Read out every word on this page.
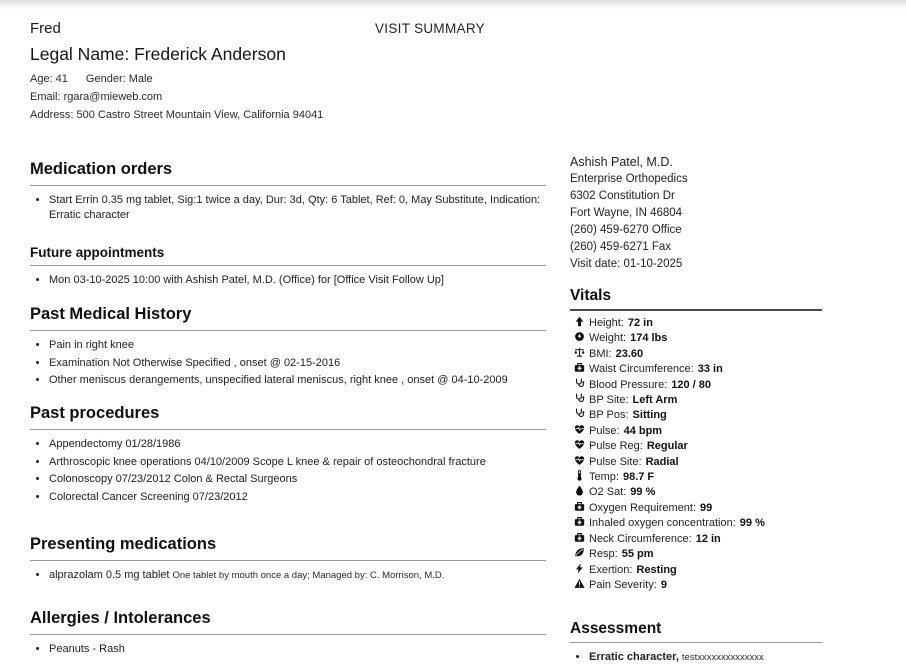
VISIT SUMMARY
Fred
Legal Name: Frederick Anderson
Age: 41 Gender: Male
Email: rgara@mieweb.com
Address: 500 Castro Street Mountain View, California 94041
Medication orders
• Start Errin 0.35 mg tablet, Sig:1 twice a day, Dur: 3d, Qty: 6 Tablet, Ref: 0, May Substitute, Indication: Erratic character
Future appointments
• Mon 03-10-2025 10:00 with Ashish Patel, M.D. (Office) for [Office Visit Follow Up]
Past Medical History
• Pain in right knee
• Examination Not Otherwise Specified , onset @ 02-15-2016
• Other meniscus derangements, unspecified lateral meniscus, right knee , onset @ 04-10-2009
Past procedures
• Appendectomy 01/28/1986
• Arthroscopic knee operations 04/10/2009 Scope L knee & repair of osteochondral fracture
• Colonoscopy 07/23/2012 Colon & Rectal Surgeons
• Colorectal Cancer Screening 07/23/2012
Presenting medications
• alprazolam 0.5 mg tablet One tablet by mouth once a day; Managed by: C. Morrison, M.D.
Allergies / Intolerances
• Peanuts - Rash
Ashish Patel, M.D.
Enterprise Orthopedics
6302 Constitution Dr
Fort Wayne, IN 46804
(260) 459-6270 Office
(260) 459-6271 Fax
Visit date: 01-10-2025
Vitals
Height: 72 in
Weight: 174 lbs
BMI: 23.60
Waist Circumference: 33 in
Blood Pressure: 120 / 80
BP Site: Left Arm
BP Pos: Sitting
Pulse: 44 bpm
Pulse Reg: Regular
Pulse Site: Radial
Temp: 98.7 F
O2 Sat: 99 %
Oxygen Requirement: 99
Inhaled oxygen concentration: 99 %
Neck Circumference: 12 in
Resp: 55 pm
Exertion: Resting
Pain Severity: 9
Assessment
• Erratic character, testxxxxxxxxxxxxxx
